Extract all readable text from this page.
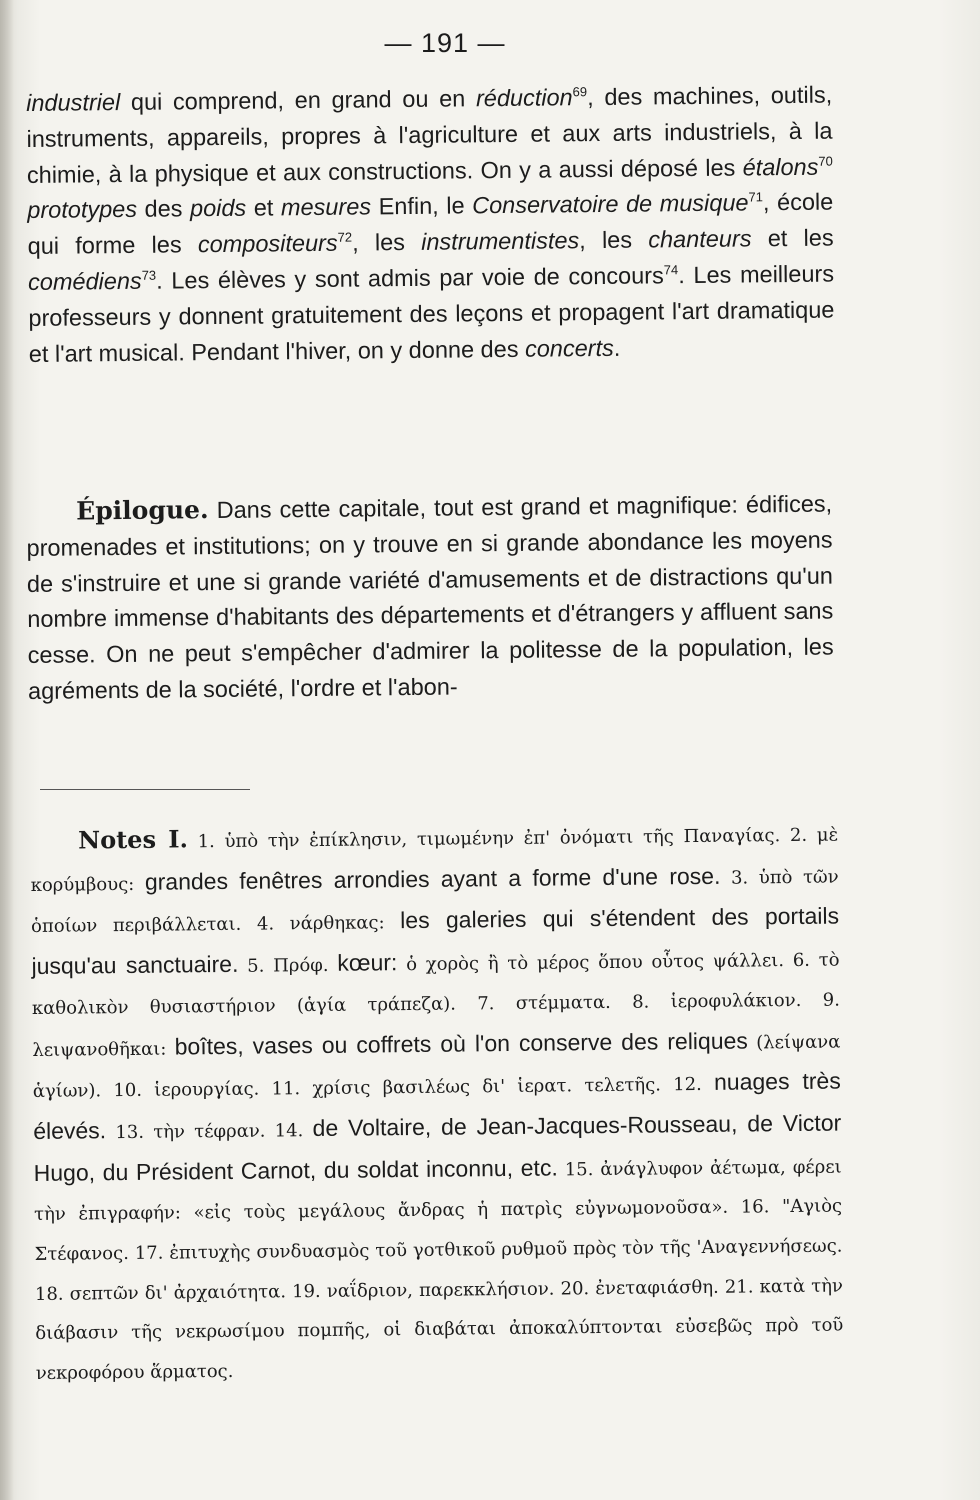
— 191 —
industriel qui comprend, en grand ou en réduction$^{69}$, des machines, outils, instruments, appareils, propres à l'agriculture et aux arts industriels, à la chimie, à la physique et aux constructions. On y a aussi déposé les étalons$^{70}$ prototypes des poids et mesures Enfin, le Conservatoire de musique$^{71}$, école qui forme les compositeurs$^{72}$, les instrumentistes, les chanteurs et les comédiens$^{73}$. Les élèves y sont admis par voie de concours$^{74}$. Les meilleurs professeurs y donnent gratuitement des leçons et propagent l'art dramatique et l'art musical. Pendant l'hiver, on y donne des concerts.
Épilogue. Dans cette capitale, tout est grand et magnifique: édifices, promenades et institutions; on y trouve en si grande abondance les moyens de s'instruire et une si grande variété d'amusements et de distractions qu'un nombre immense d'habitants des départements et d'étrangers y affluent sans cesse. On ne peut s'empêcher d'admirer la politesse de la population, les agréments de la société, l'ordre et l'abon-
Notes I. 1. ὑπὸ τὴν ἐπίκλησιν, τιμωμένην ἐπ' ὀνόματι τῆς Παναγίας. 2. μὲ κορύμβους: grandes fenêtres arrondies ayant a forme d'une rose. 3. ὑπὸ τῶν ὁποίων περιβάλλεται. 4. νάρθηκας: les galeries qui s'étendent des portails jusqu'au sanctuaire. 5. Πρόφ. kœur: ὁ χορὸς ἢ τὸ μέρος ὅπου οὗτος ψάλλει. 6. τὸ καθολικὸν θυσιαστήριον (ἁγία τράπεζα). 7. στέμματα. 8. ἱεροφυλάκιον. 9. λειψανοθῆκαι: boîtes, vases ou coffrets où l'on conserve des reliques (λείψανα ἁγίων). 10. ἱερουργίας. 11. χρίσις βασιλέως δι' ἱερατ. τελετῆς. 12. nuages très élevés. 13. τὴν τέφραν. 14. de Voltaire, de Jean-Jacques-Rousseau, de Victor Hugo, du Président Carnot, du soldat inconnu, etc. 15. ἀνάγλυφον ἀέτωμα, φέρει τὴν ἐπιγραφήν: «εἰς τοὺς μεγάλους ἄνδρας ἡ πατρὶς εὐγνωμονοῦσα». 16. "Αγιὸς Στέφανος. 17. ἐπιτυχὴς συνδυασμὸς τοῦ γοτθικοῦ ρυθμοῦ πρὸς τὸν τῆς 'Αναγεννήσεως. 18. σεπτῶν δι' ἀρχαιότητα. 19. ναΐδριον, παρεκκλήσιον. 20. ἐνεταφιάσθη. 21. κατὰ τὴν διάβασιν τῆς νεκρωσίμου πομπῆς, οἱ διαβάται ἀποκαλύπτονται εὐσεβῶς πρὸ τοῦ νεκροφόρου ἅρματος.
